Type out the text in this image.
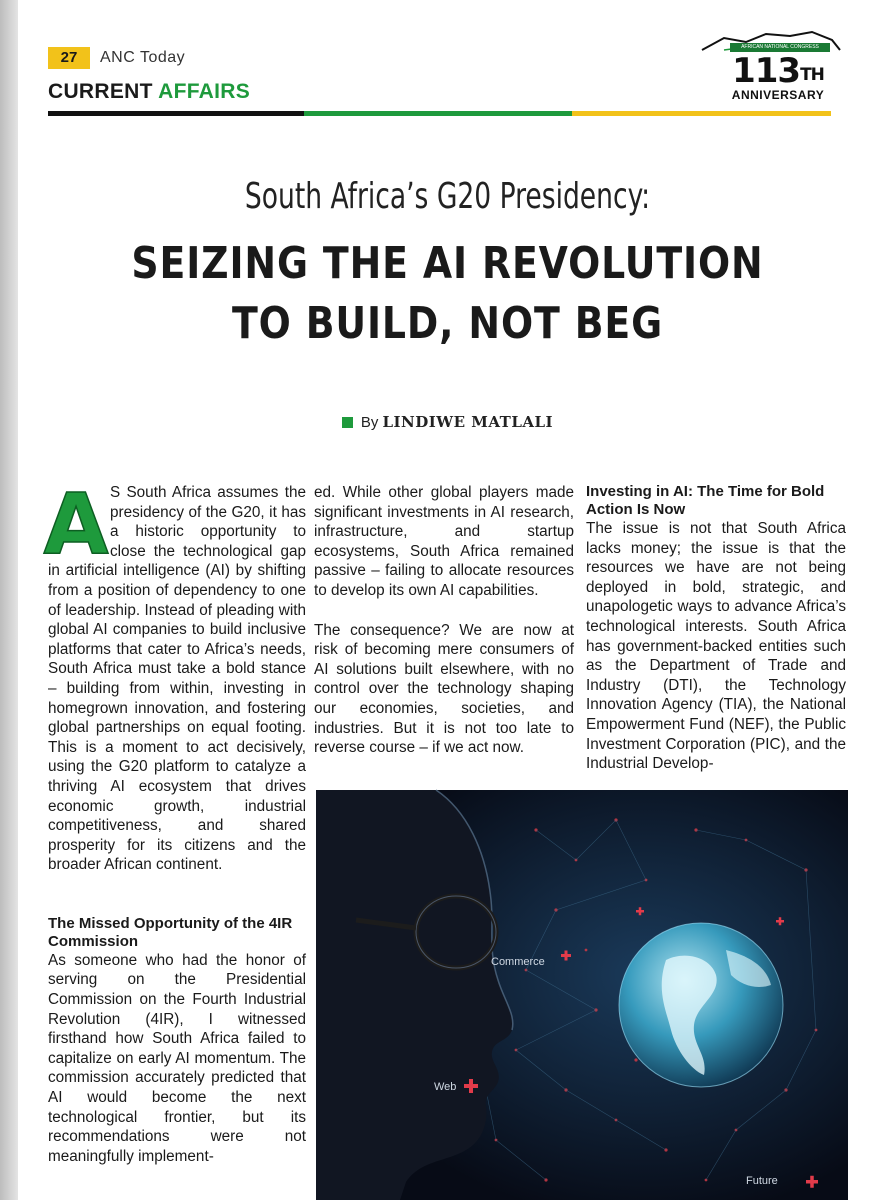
27	ANC Today
CURRENT AFFAIRS
AFRICAN NATIONAL CONGRESS
113TH
ANNIVERSARY
South Africa’s G20 Presidency:
SEIZING THE AI REVOLUTION
TO BUILD, NOT BEG
By LINDIWE MATLALI
A S South Africa assumes the presidency of the G20, it has a historic opportunity to close the technological gap in artificial intelligence (AI) by shifting from a position of dependency to one of leadership. Instead of pleading with global AI companies to build inclusive platforms that cater to Africa’s needs, South Africa must take a bold stance – building from within, investing in homegrown innovation, and fostering global partnerships on equal footing. This is a moment to act decisively, using the G20 platform to catalyze a thriving AI ecosystem that drives economic growth, industrial competitiveness, and shared prosperity for its citizens and the broader African continent.

The Missed Opportunity of the 4IR Commission

As someone who had the honor of serving on the Presidential Commission on the Fourth Industrial Revolution (4IR), I witnessed firsthand how South Africa failed to capitalize on early AI momentum. The commission accurately predicted that AI would become the next technological frontier, but its recommendations were not meaningfully implement-

ed. While other global players made significant investments in AI research, infrastructure, and startup ecosystems, South Africa remained passive – failing to allocate resources to develop its own AI capabilities.

The consequence? We are now at risk of becoming mere consumers of AI solutions built elsewhere, with no control over the technology shaping our economies, societies, and industries. But it is not too late to reverse course – if we act now.

Investing in AI: The Time for Bold Action Is Now

The issue is not that South Africa lacks money; the issue is that the resources we have are not being deployed in bold, strategic, and unapologetic ways to advance Africa’s technological interests. South Africa has government-backed entities such as the Department of Trade and Industry (DTI), the Technology Innovation Agency (TIA), the National Empowerment Fund (NEF), the Public Investment Corporation (PIC), and the Industrial Develop-

Commerce
Web
Future
